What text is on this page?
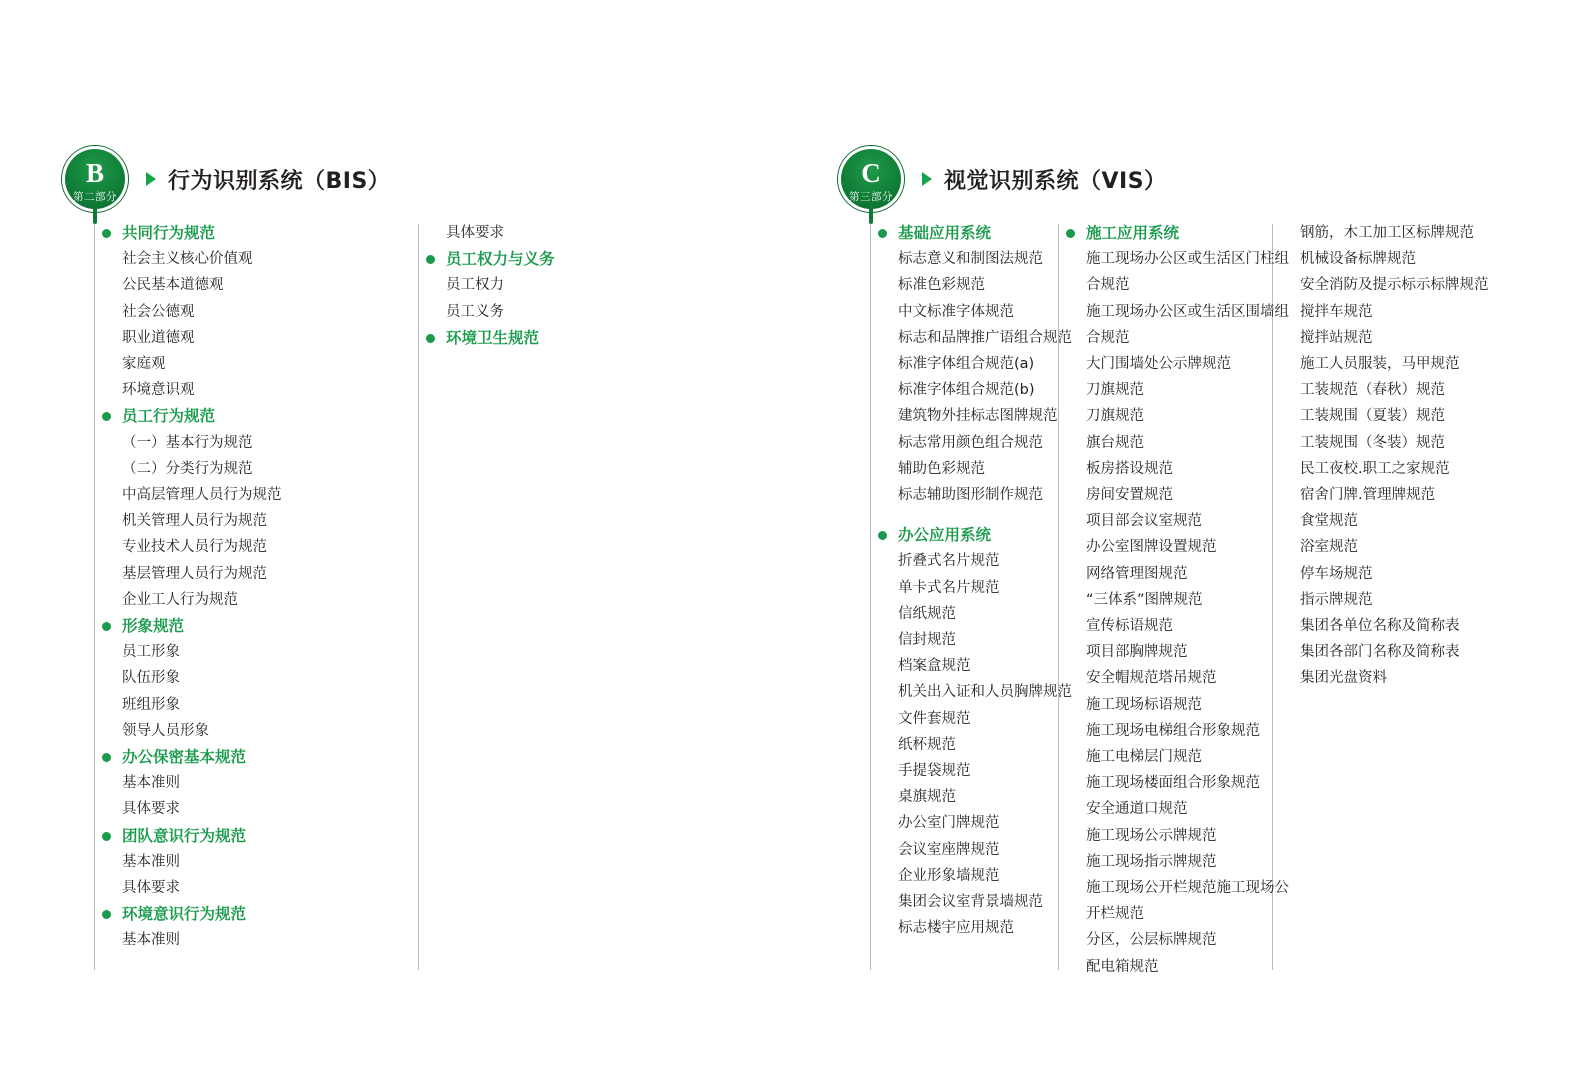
B
第二部分
行为识别系统（BIS）	C
第三部分
视觉识别系统（VIS）
共同行为规范
社会主义核心价值观
公民基本道德观
社会公德观
职业道德观
家庭观
环境意识观
员工行为规范
（一）基本行为规范
（二）分类行为规范
中高层管理人员行为规范
机关管理人员行为规范
专业技术人员行为规范
基层管理人员行为规范
企业工人行为规范
形象规范
员工形象
队伍形象
班组形象
领导人员形象
办公保密基本规范
基本准则
具体要求
团队意识行为规范
基本准则
具体要求
环境意识行为规范
基本准则
具体要求
员工权力与义务
员工权力
员工义务
环境卫生规范
基础应用系统
标志意义和制图法规范
标准色彩规范
中文标准字体规范
标志和品牌推广语组合规范
标准字体组合规范(a)
标准字体组合规范(b)
建筑物外挂标志图牌规范
标志常用颜色组合规范
辅助色彩规范
标志辅助图形制作规范
办公应用系统
折叠式名片规范
单卡式名片规范
信纸规范
信封规范
档案盒规范
机关出入证和人员胸牌规范
文件套规范
纸杯规范
手提袋规范
桌旗规范
办公室门牌规范
会议室座牌规范
企业形象墙规范
集团会议室背景墙规范
标志楼宇应用规范
施工应用系统
施工现场办公区或生活区门柱组
合规范
施工现场办公区或生活区围墙组
合规范
大门围墙处公示牌规范
刀旗规范
刀旗规范
旗台规范
板房搭设规范
房间安置规范
项目部会议室规范
办公室图牌设置规范
网络管理图规范
“三体系”图牌规范
宣传标语规范
项目部胸牌规范
安全帽规范塔吊规范
施工现场标语规范
施工现场电梯组合形象规范
施工电梯层门规范
施工现场楼面组合形象规范
安全通道口规范
施工现场公示牌规范
施工现场指示牌规范
施工现场公开栏规范施工现场公
开栏规范
分区，公层标牌规范
配电箱规范
钢筋，木工加工区标牌规范
机械设备标牌规范
安全消防及提示标示标牌规范
搅拌车规范
搅拌站规范
施工人员服装，马甲规范
工装规范（春秋）规范
工装规围（夏装）规范
工装规围（冬装）规范
民工夜校.职工之家规范
宿舍门牌.管理牌规范
食堂规范
浴室规范
停车场规范
指示牌规范
集团各单位名称及简称表
集团各部门名称及简称表
集团光盘资料
